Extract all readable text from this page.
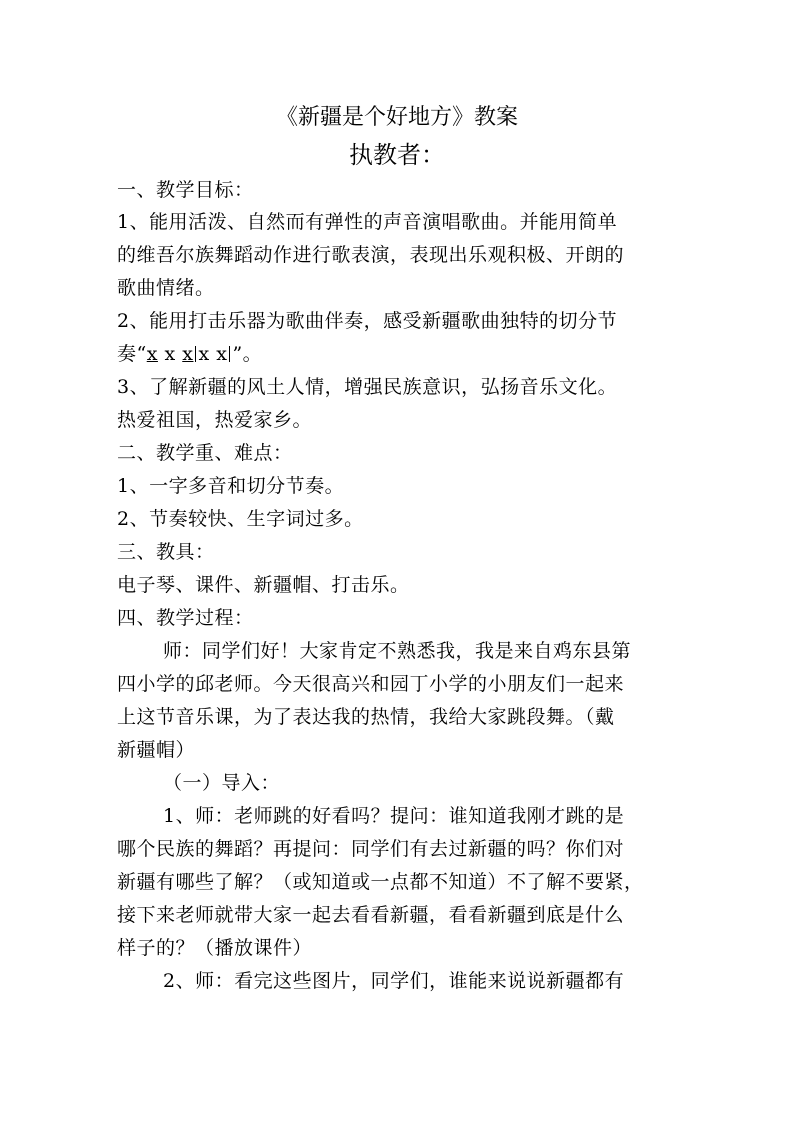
《新疆是个好地方》教案
执教者：
一、教学目标：
1、能用活泼、自然而有弹性的声音演唱歌曲。并能用简单
的维吾尔族舞蹈动作进行歌表演，表现出乐观积极、开朗的
歌曲情绪。
2、能用打击乐器为歌曲伴奏，感受新疆歌曲独特的切分节
奏“x x x x x ”。
3、了解新疆的风土人情，增强民族意识，弘扬音乐文化。
热爱祖国，热爱家乡。
二、教学重、难点：
1、一字多音和切分节奏。
2、节奏较快、生字词过多。
三、教具：
电子琴、课件、新疆帽、打击乐。
四、教学过程：
师：同学们好！大家肯定不熟悉我，我是来自鸡东县第
四小学的邱老师。今天很高兴和园丁小学的小朋友们一起来
上这节音乐课，为了表达我的热情，我给大家跳段舞。（戴
新疆帽）
（一）导入：
1、师：老师跳的好看吗？提问：谁知道我刚才跳的是
哪个民族的舞蹈？再提问：同学们有去过新疆的吗？你们对
新疆有哪些了解？（或知道或一点都不知道）不了解不要紧，
接下来老师就带大家一起去看看新疆，看看新疆到底是什么
样子的？（播放课件）
2、师：看完这些图片，同学们，谁能来说说新疆都有
